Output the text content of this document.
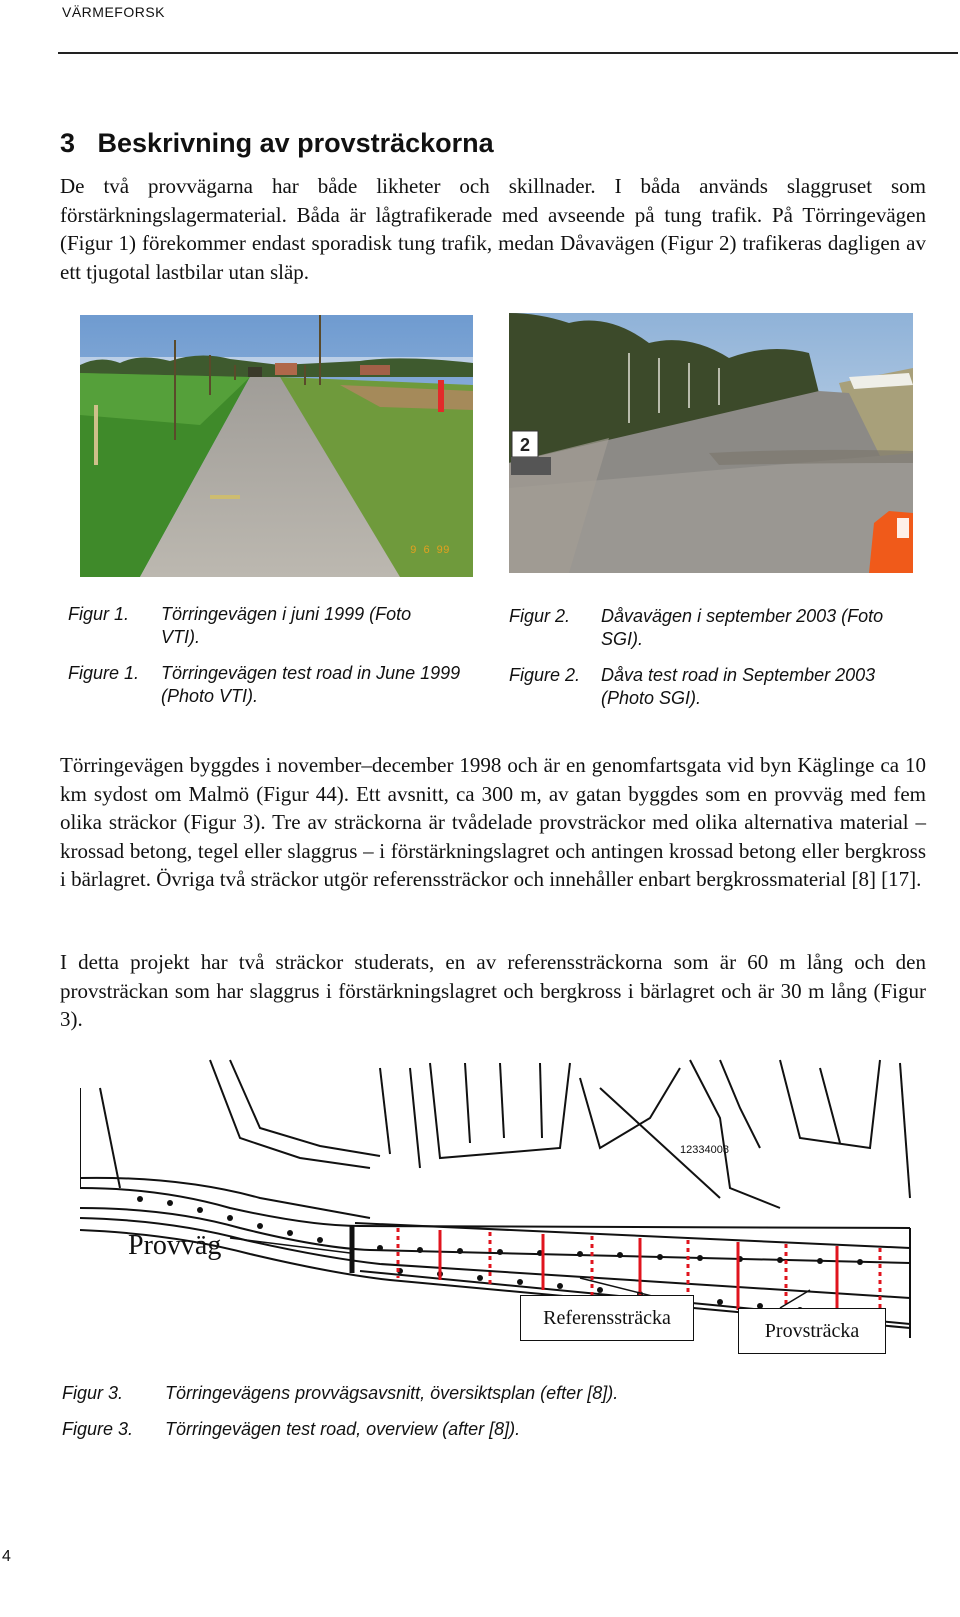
VÄRMEFORSK
3   Beskrivning av provsträckorna

De två provvägarna har både likheter och skillnader. I båda används slaggruset som förstärkningslagermaterial. Båda är lågtrafikerade med avseende på tung trafik. På Törringevägen (Figur 1) förekommer endast sporadisk tung trafik, medan Dåvavägen (Figur 2) trafikeras dagligen av ett tjugotal lastbilar utan släp.

9 6 99
2
Figur 1. Törringevägen i juni 1999 (Foto VTI).
Figure 1. Törringevägen test road in June 1999 (Photo VTI).
Figur 2. Dåvavägen i september 2003 (Foto SGI).
Figure 2. Dåva test road in September 2003 (Photo SGI).

Törringevägen byggdes i november–december 1998 och är en genomfartsgata vid byn Käglinge ca 10 km sydost om Malmö (Figur 44). Ett avsnitt, ca 300 m, av gatan byggdes som en provväg med fem olika sträckor (Figur 3). Tre av sträckorna är tvådelade provsträckor med olika alternativa material – krossad betong, tegel eller slaggrus – i förstärkningslagret och antingen krossad betong eller bergkross i bärlagret. Övriga två sträckor utgör referenssträckor och innehåller enbart bergkrossmaterial [8] [17].

I detta projekt har två sträckor studerats, en av referenssträckorna som är 60 m lång och den provsträckan som har slaggrus i förstärkningslagret och bergkross i bärlagret och är 30 m lång (Figur 3).

12334008
Provväg
Referenssträcka
Provsträcka
Figur 3. Törringevägens provvägsavsnitt, översiktsplan (efter [8]).
Figure 3. Törringevägen test road, overview (after [8]).
4
